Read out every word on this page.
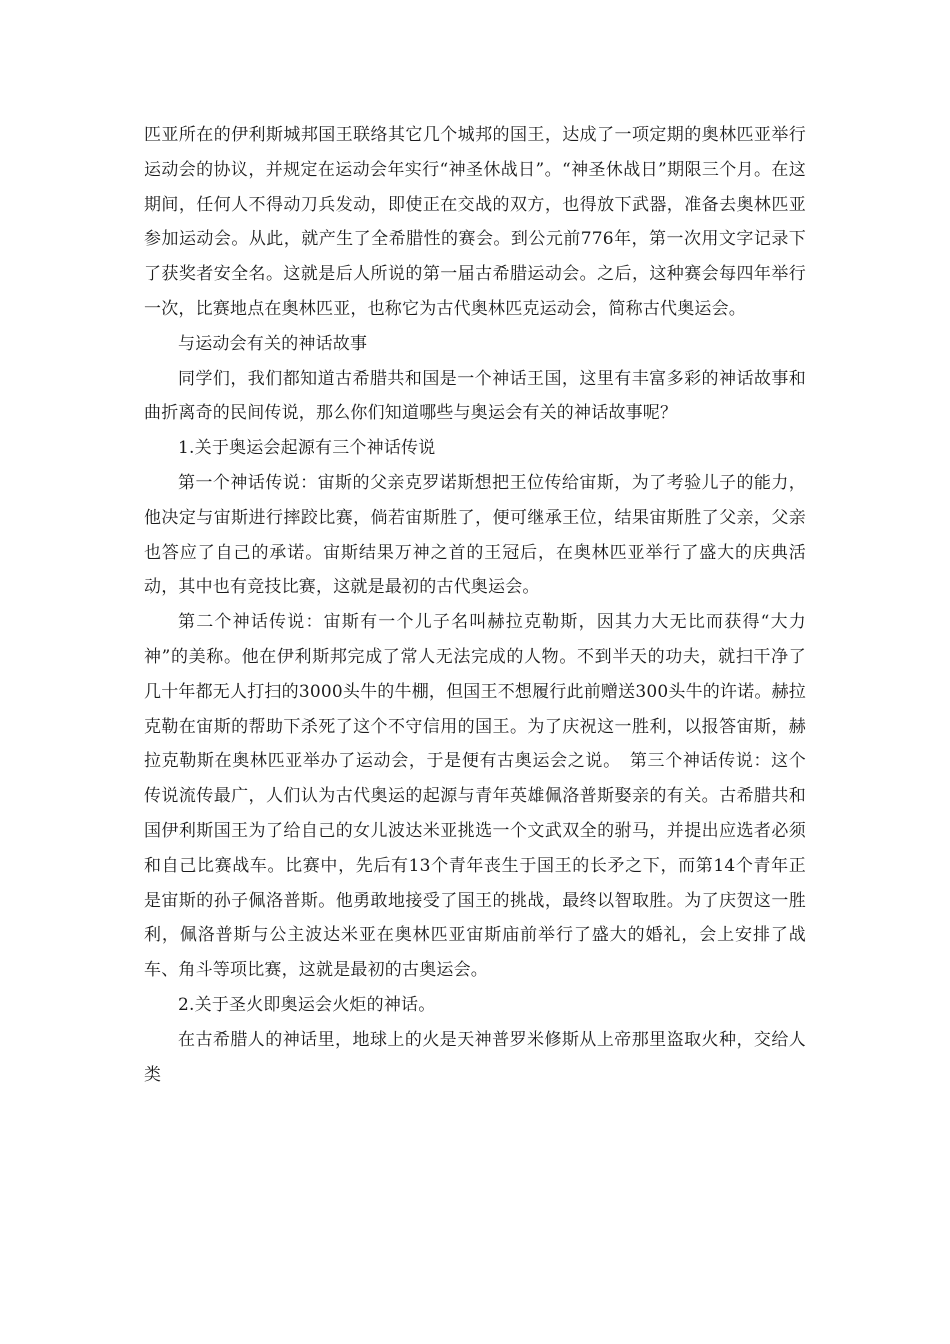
匹亚所在的伊利斯城邦国王联络其它几个城邦的国王，达成了一项定期的奥林匹亚举行运动会的协议，并规定在运动会年实行“神圣休战日”。“神圣休战日”期限三个月。在这期间，任何人不得动刀兵发动，即使正在交战的双方，也得放下武器，准备去奥林匹亚参加运动会。从此，就产生了全希腊性的赛会。到公元前776年，第一次用文字记录下了获奖者安全名。这就是后人所说的第一届古希腊运动会。之后，这种赛会每四年举行一次，比赛地点在奥林匹亚，也称它为古代奥林匹克运动会，简称古代奥运会。

与运动会有关的神话故事

同学们，我们都知道古希腊共和国是一个神话王国，这里有丰富多彩的神话故事和曲折离奇的民间传说，那么你们知道哪些与奥运会有关的神话故事呢？

1.关于奥运会起源有三个神话传说

第一个神话传说：宙斯的父亲克罗诺斯想把王位传给宙斯，为了考验儿子的能力，他决定与宙斯进行摔跤比赛，倘若宙斯胜了，便可继承王位，结果宙斯胜了父亲，父亲也答应了自己的承诺。宙斯结果万神之首的王冠后，在奥林匹亚举行了盛大的庆典活动，其中也有竞技比赛，这就是最初的古代奥运会。

第二个神话传说：宙斯有一个儿子名叫赫拉克勒斯，因其力大无比而获得“大力神”的美称。他在伊利斯邦完成了常人无法完成的人物。不到半天的功夫，就扫干净了几十年都无人打扫的3000头牛的牛棚，但国王不想履行此前赠送300头牛的许诺。赫拉克勒在宙斯的帮助下杀死了这个不守信用的国王。为了庆祝这一胜利，以报答宙斯，赫拉克勒斯在奥林匹亚举办了运动会，于是便有古奥运会之说。　第三个神话传说：这个传说流传最广，人们认为古代奥运的起源与青年英雄佩洛普斯娶亲的有关。古希腊共和国伊利斯国王为了给自己的女儿波达米亚挑选一个文武双全的驸马，并提出应选者必须和自己比赛战车。比赛中，先后有13个青年丧生于国王的长矛之下，而第14个青年正是宙斯的孙子佩洛普斯。他勇敢地接受了国王的挑战，最终以智取胜。为了庆贺这一胜利，佩洛普斯与公主波达米亚在奥林匹亚宙斯庙前举行了盛大的婚礼，会上安排了战车、角斗等项比赛，这就是最初的古奥运会。

2.关于圣火即奥运会火炬的神话。

在古希腊人的神话里，地球上的火是天神普罗米修斯从上帝那里盗取火种，交给人类
